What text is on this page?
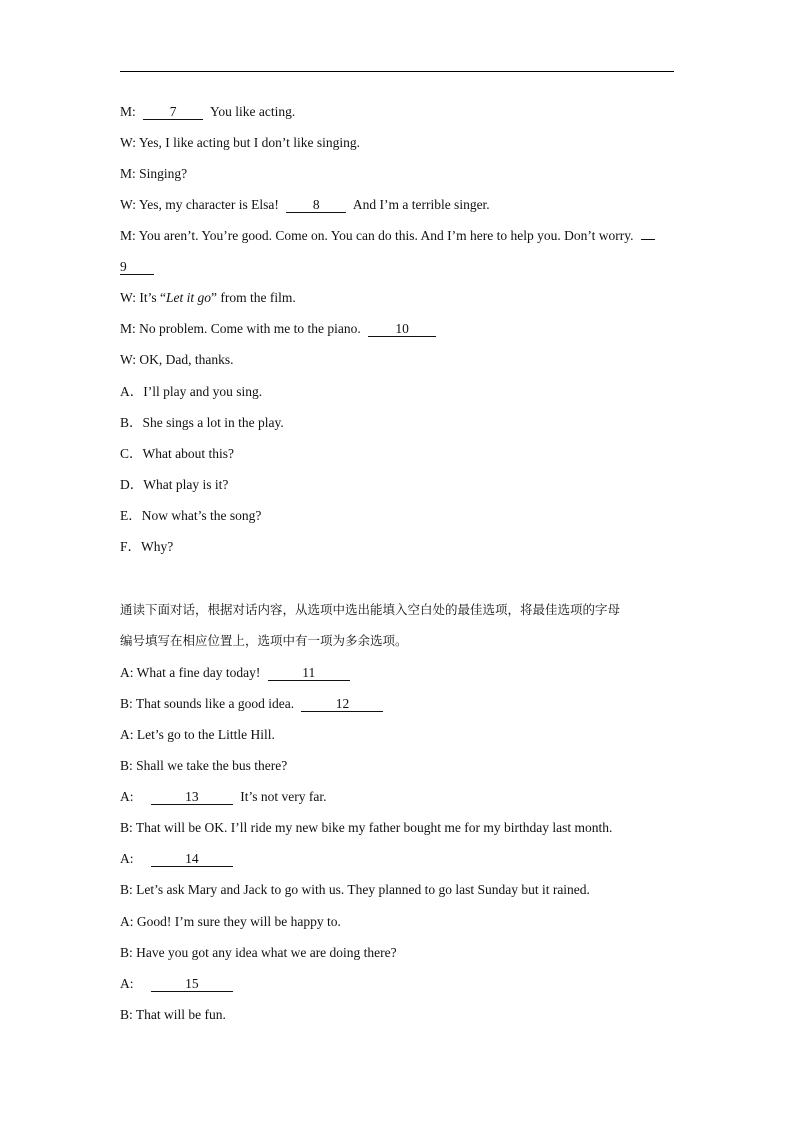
M: 7 You like acting.
W: Yes, I like acting but I don’t like singing.
M: Singing?
W: Yes, my character is Elsa! 8 And I’m a terrible singer.
M: You aren’t. You’re good. Come on. You can do this. And I’m here to help you. Don’t worry.
9
W: It’s “Let it go” from the film.
M: No problem. Come with me to the piano. 10
W: OK, Dad, thanks.
A．I’ll play and you sing.
B．She sings a lot in the play.
C．What about this?
D．What play is it?
E．Now what’s the song?
F．Why?
通读下面对话，根据对话内容，从选项中选出能填入空白处的最佳选项，将最佳选项的字母
编号填写在相应位置上，选项中有一项为多余选项。
A: What a fine day today!	11
B: That sounds like a good idea.	12
A: Let’s go to the Little Hill.
B: Shall we take the bus there?
A:	13	It’s not very far.
B: That will be OK. I’ll ride my new bike my father bought me for my birthday last month.
A:	14
B: Let’s ask Mary and Jack to go with us. They planned to go last Sunday but it rained.
A: Good! I’m sure they will be happy to.
B: Have you got any idea what we are doing there?
A:	15
B: That will be fun.
